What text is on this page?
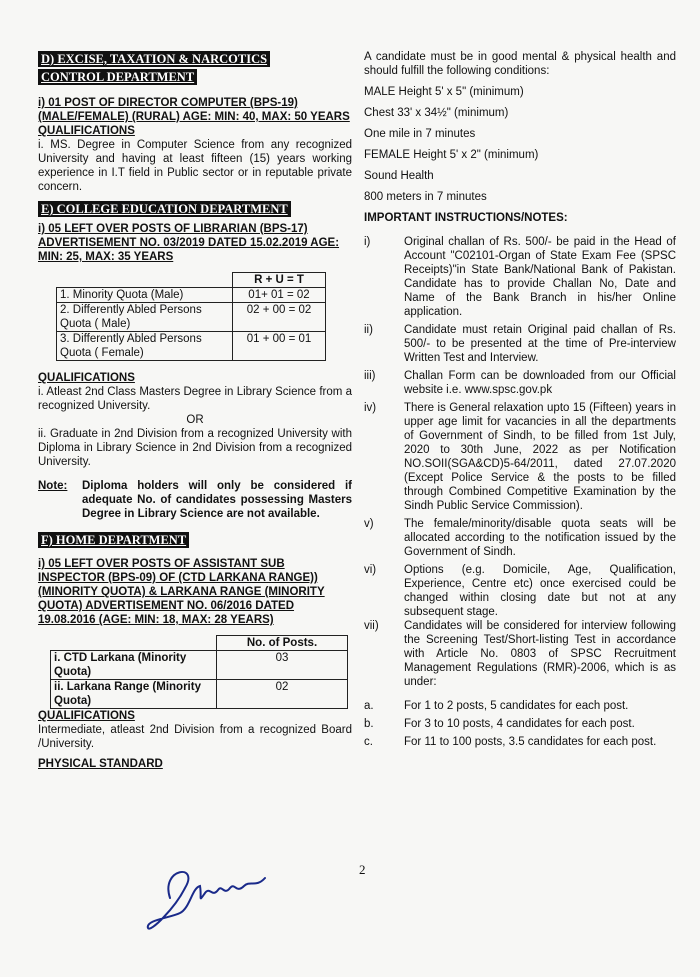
D) EXCISE, TAXATION & NARCOTICS
CONTROL DEPARTMENT
i) 01 POST OF DIRECTOR COMPUTER (BPS-19) (MALE/FEMALE) (RURAL) AGE: MIN: 40, MAX: 50 YEARS
QUALIFICATIONS
i. MS. Degree in Computer Science from any recognized University and having at least fifteen (15) years working experience in I.T field in Public sector or in reputable private concern.
E) COLLEGE EDUCATION DEPARTMENT
i) 05 LEFT OVER POSTS OF LIBRARIAN (BPS-17) ADVERTISEMENT NO. 03/2019 DATED 15.02.2019 AGE: MIN: 25, MAX: 35 YEARS
	R + U = T
1. Minority Quota (Male)	01+ 01 = 02
2. Differently Abled Persons Quota ( Male)	02 + 00 = 02
3. Differently Abled Persons Quota ( Female)	01 + 00 = 01
QUALIFICATIONS
i. Atleast 2nd Class Masters Degree in Library Science from a recognized University.
OR
ii. Graduate in 2nd Division from a recognized University with Diploma in Library Science in 2nd Division from a recognized University.
Note:	Diploma holders will only be considered if adequate No. of candidates possessing Masters Degree in Library Science are not available.
F) HOME DEPARTMENT
i) 05 LEFT OVER POSTS OF ASSISTANT SUB INSPECTOR (BPS-09) OF (CTD LARKANA RANGE)) (MINORITY QUOTA) & LARKANA RANGE (MINORITY QUOTA) ADVERTISEMENT NO. 06/2016 DATED 19.08.2016 (AGE: MIN: 18, MAX: 28 YEARS)
	No. of Posts.
i. CTD Larkana (Minority Quota)	03
ii. Larkana Range (Minority Quota)	02
QUALIFICATIONS
Intermediate, atleast 2nd Division from a recognized Board /University.
PHYSICAL STANDARD
A candidate must be in good mental & physical health and should fulfill the following conditions:
MALE Height 5' x 5" (minimum)
Chest 33' x 34½" (minimum)
One mile in 7 minutes
FEMALE Height 5' x 2" (minimum)
Sound Health
800 meters in 7 minutes
IMPORTANT INSTRUCTIONS/NOTES:
i)	Original challan of Rs. 500/- be paid in the Head of Account "C02101-Organ of State Exam Fee (SPSC Receipts)"in State Bank/National Bank of Pakistan. Candidate has to provide Challan No, Date and Name of the Bank Branch in his/her Online application.
ii)	Candidate must retain Original paid challan of Rs. 500/- to be presented at the time of Pre-interview Written Test and Interview.
iii)	Challan Form can be downloaded from our Official website i.e. www.spsc.gov.pk
iv)	There is General relaxation upto 15 (Fifteen) years in upper age limit for vacancies in all the departments of Government of Sindh, to be filled from 1st July, 2020 to 30th June, 2022 as per Notification NO.SOII(SGA&CD)5-64/2011, dated 27.07.2020 (Except Police Service & the posts to be filled through Combined Competitive Examination by the Sindh Public Service Commission).
v)	The female/minority/disable quota seats will be allocated according to the notification issued by the Government of Sindh.
vi)	Options (e.g. Domicile, Age, Qualification, Experience, Centre etc) once exercised could be changed within closing date but not at any subsequent stage.
vii)	Candidates will be considered for interview following the Screening Test/Short-listing Test in accordance with Article No. 0803 of SPSC Recruitment Management Regulations (RMR)-2006, which is as under:
a.	For 1 to 2 posts, 5 candidates for each post.
b.	For 3 to 10 posts, 4 candidates for each post.
c.	For 11 to 100 posts, 3.5 candidates for each post.
2
